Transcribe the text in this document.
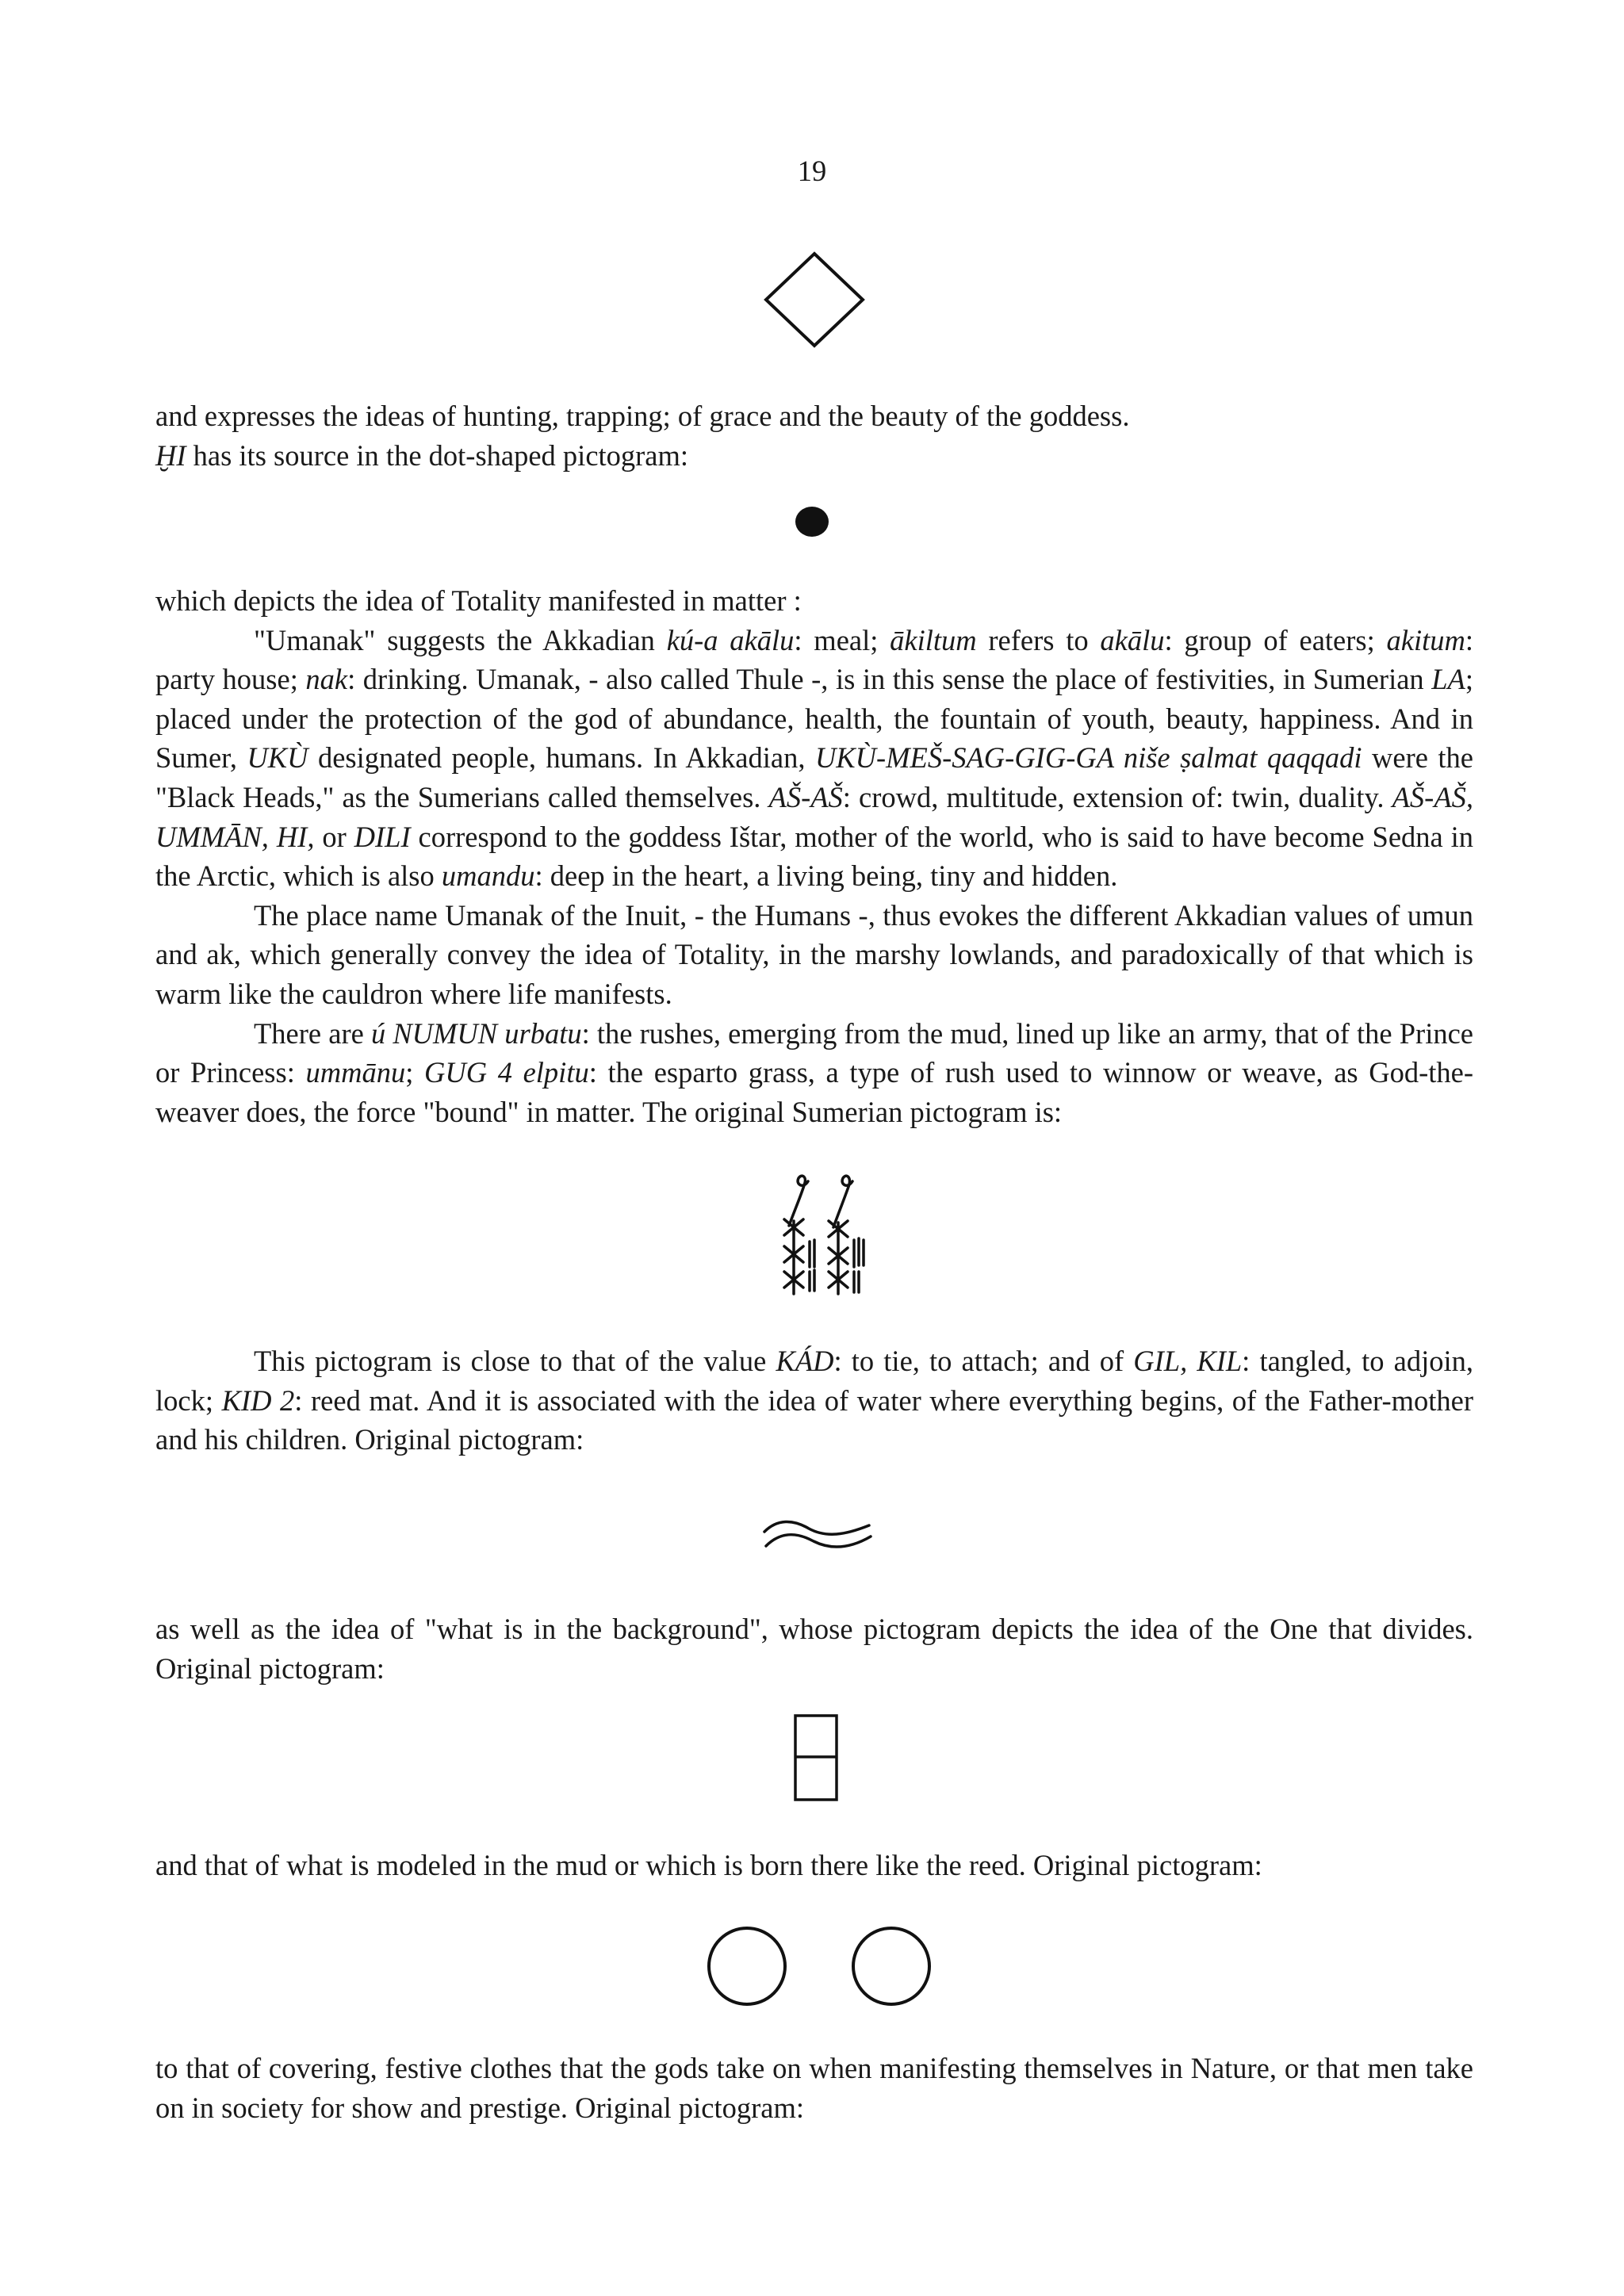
19

and expresses the ideas of hunting, trapping; of grace and the beauty of the goddess.

ḪI has its source in the dot-shaped pictogram:

which depicts the idea of Totality manifested in matter :

"Umanak" suggests the Akkadian kú-a akālu: meal; ākiltum refers to akālu: group of eaters; akitum: party house; nak: drinking. Umanak, - also called Thule -, is in this sense the place of festivities, in Sumerian LA; placed under the protection of the god of abundance, health, the fountain of youth, beauty, happiness. And in Sumer, UKÙ designated people, humans. In Akkadian, UKÙ-MEŠ-SAG-GIG-GA niše ṣalmat qaqqadi were the "Black Heads," as the Sumerians called themselves. AŠ-AŠ: crowd, multitude, extension of: twin, duality. AŠ-AŠ, UMMĀN, HI, or DILI correspond to the goddess Ištar, mother of the world, who is said to have become Sedna in the Arctic, which is also umandu: deep in the heart, a living being, tiny and hidden.

The place name Umanak of the Inuit, - the Humans -, thus evokes the different Akkadian values of umun and ak, which generally convey the idea of Totality, in the marshy lowlands, and paradoxically of that which is warm like the cauldron where life manifests.

There are ú NUMUN urbatu: the rushes, emerging from the mud, lined up like an army, that of the Prince or Princess: ummānu; GUG 4 elpitu: the esparto grass, a type of rush used to winnow or weave, as God-the-weaver does, the force "bound" in matter. The original Sumerian pictogram is:

This pictogram is close to that of the value KÁD: to tie, to attach; and of GIL, KIL: tangled, to adjoin, lock; KID 2: reed mat. And it is associated with the idea of water where everything begins, of the Father-mother and his children. Original pictogram:

as well as the idea of "what is in the background", whose pictogram depicts the idea of the One that divides. Original pictogram:

and that of what is modeled in the mud or which is born there like the reed. Original pictogram:

to that of covering, festive clothes that the gods take on when manifesting themselves in Nature, or that men take on in society for show and prestige. Original pictogram:
